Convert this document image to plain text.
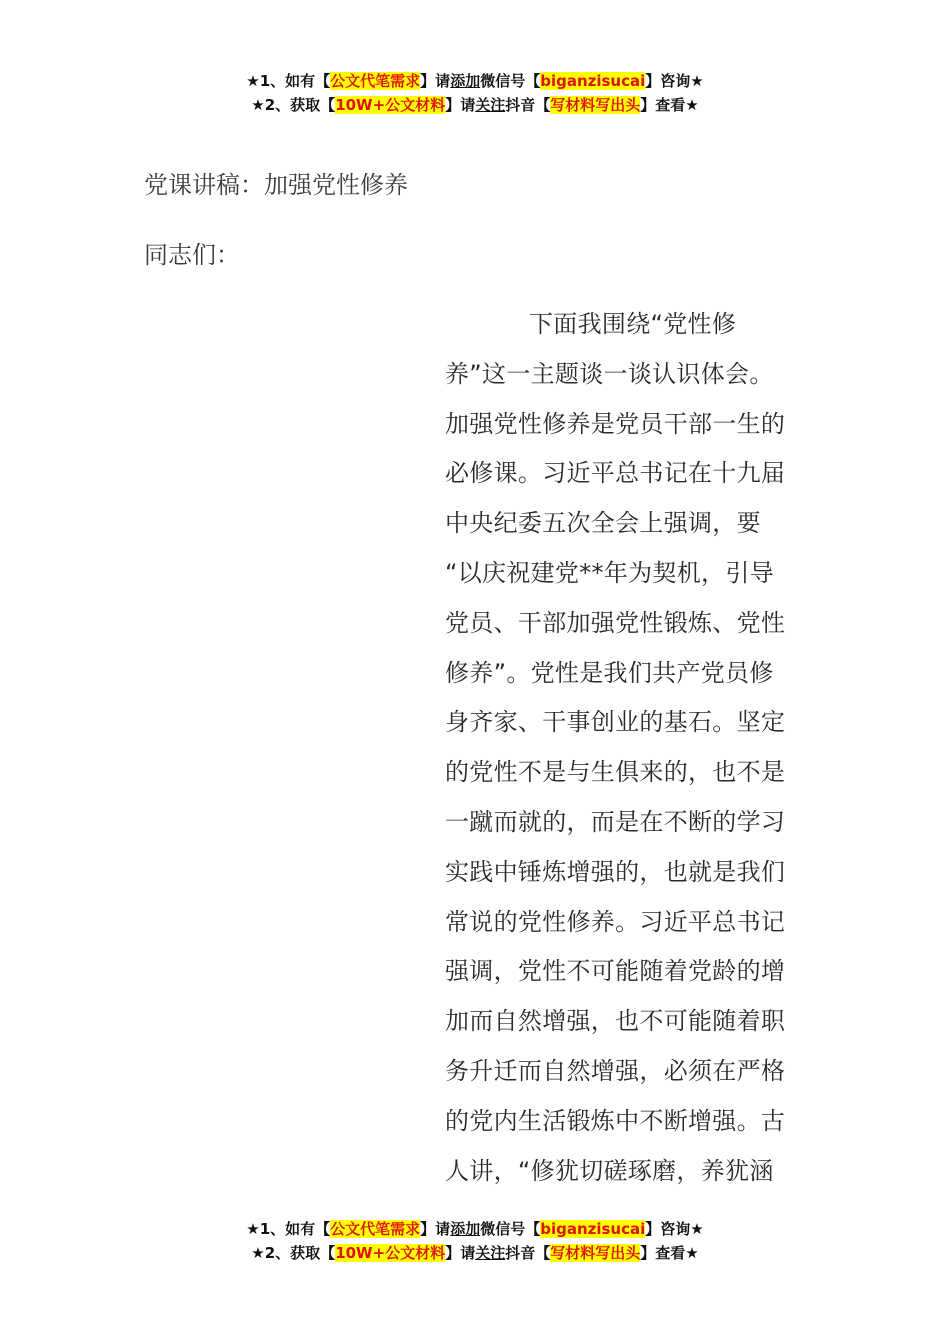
★1、如有【公文代笔需求】请添加微信号【biganzisucai】咨询★
★2、获取【10W+公文材料】请关注抖音【写材料写出头】查看★
党课讲稿：加强党性修养
同志们：
下面我围绕“党性修
养”这一主题谈一谈认识体会。
加强党性修养是党员干部一生的
必修课。习近平总书记在十九届
中央纪委五次全会上强调，要
“以庆祝建党**年为契机，引导
党员、干部加强党性锻炼、党性
修养”。党性是我们共产党员修
身齐家、干事创业的基石。坚定
的党性不是与生俱来的，也不是
一蹴而就的，而是在不断的学习
实践中锤炼增强的，也就是我们
常说的党性修养。习近平总书记
强调，党性不可能随着党龄的增
加而自然增强，也不可能随着职
务升迁而自然增强，必须在严格
的党内生活锻炼中不断增强。古
人讲，“修犹切磋琢磨，养犹涵
★1、如有【公文代笔需求】请添加微信号【biganzisucai】咨询★
★2、获取【10W+公文材料】请关注抖音【写材料写出头】查看★
